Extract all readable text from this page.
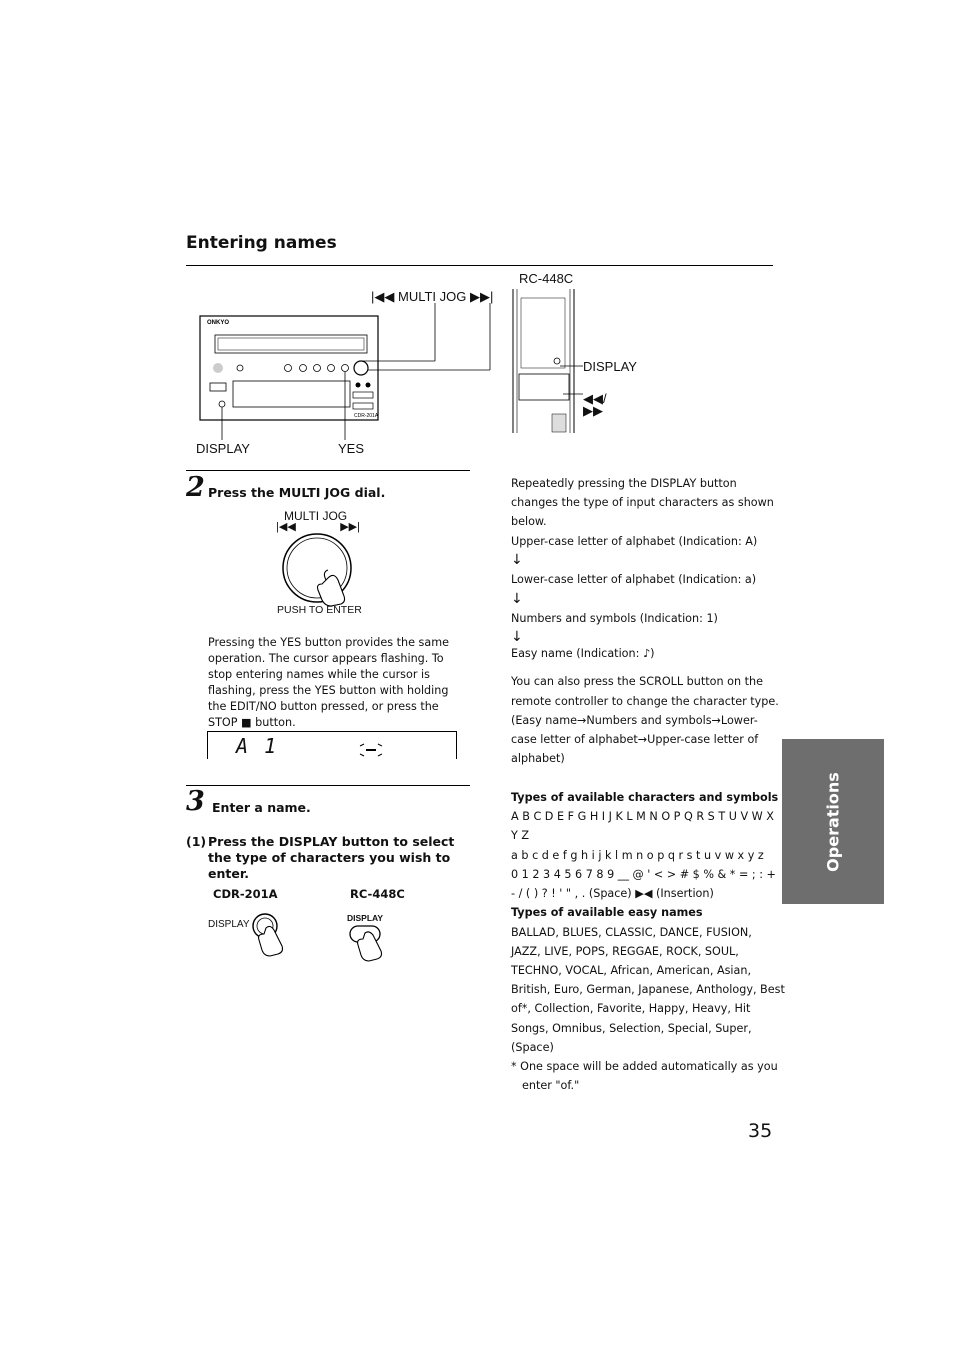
Entering names
RC-448C
|◀◀ MULTI JOG ▶▶|
ONKYO
CDR-201A
DISPLAY
◀◀/
▶▶
DISPLAY	YES
2 Press the MULTI JOG dial.
MULTI JOG
|◀◀	▶▶|
PUSH TO ENTER
Pressing the YES button provides the same operation. The cursor appears flashing. To stop entering names while the cursor is flashing, press the YES button with holding the EDIT/NO button pressed, or press the STOP ■ button.
A 1
3 Enter a name.
(1) Press the DISPLAY button to select the type of characters you wish to enter.
CDR-201A	RC-448C
DISPLAY
DISPLAY
Repeatedly pressing the DISPLAY button
changes the type of input characters as shown
below.
Upper-case letter of alphabet (Indication: A)
↓
Lower-case letter of alphabet (Indication: a)
↓
Numbers and symbols (Indication: 1)
↓
Easy name (Indication: ♪)
You can also press the SCROLL button on the
remote controller to change the character type.
(Easy name→Numbers and symbols→Lower-
case letter of alphabet→Upper-case letter of
alphabet)
Types of available characters and symbols
A B C D E F G H I J K L M N O P Q R S T U V W X
Y Z
a b c d e f g h i j k l m n o p q r s t u v w x y z
0 1 2 3 4 5 6 7 8 9 __ @ ' < > # $ % & * = ; : +
- / ( ) ? ! ' " , . (Space) ▶◀ (Insertion)
Types of available easy names
BALLAD, BLUES, CLASSIC, DANCE, FUSION,
JAZZ, LIVE, POPS, REGGAE, ROCK, SOUL,
TECHNO, VOCAL, African, American, Asian,
British, Euro, German, Japanese, Anthology, Best
of*, Collection, Favorite, Happy, Heavy, Hit
Songs, Omnibus, Selection, Special, Super,
(Space)
* One space will be added automatically as you
enter "of."
Operations
35
